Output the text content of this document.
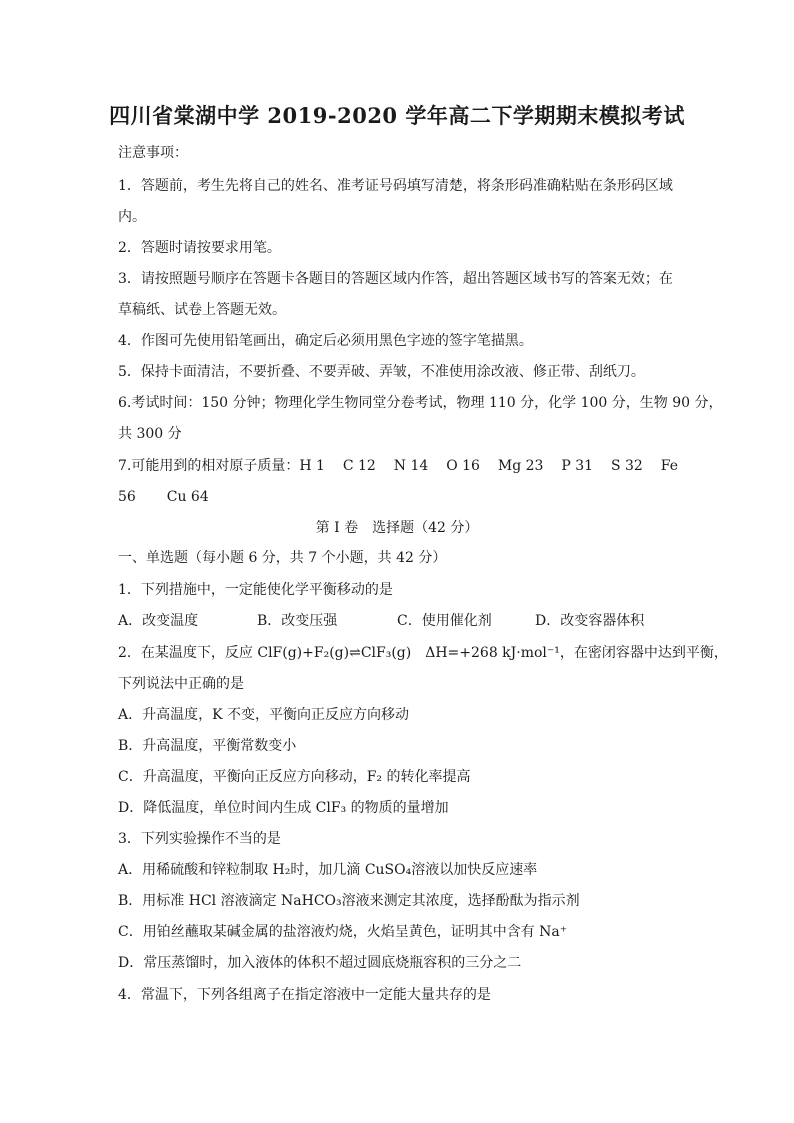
四川省棠湖中学 2019-2020 学年高二下学期期末模拟考试
注意事项：
1．答题前，考生先将自己的姓名、准考证号码填写清楚，将条形码准确粘贴在条形码区域
内。
2．答题时请按要求用笔。
3．请按照题号顺序在答题卡各题目的答题区域内作答，超出答题区域书写的答案无效；在
草稿纸、试卷上答题无效。
4．作图可先使用铅笔画出，确定后必须用黑色字迹的签字笔描黑。
5．保持卡面清洁，不要折叠、不要弄破、弄皱，不准使用涂改液、修正带、刮纸刀。
6.考试时间：150 分钟；物理化学生物同堂分卷考试，物理 110 分，化学 100 分，生物 90 分，
共 300 分
7.可能用到的相对原子质量：H 1 C 12 N 14 O 16 Mg 23 P 31 S 32 Fe
56 Cu 64
第 I 卷　选择题（42 分）
一、单选题（每小题 6 分，共 7 个小题，共 42 分）
1．下列措施中，一定能使化学平衡移动的是
A．改变温度	B．改变压强	C．使用催化剂	D．改变容器体积
2．在某温度下，反应 ClF(g)+F₂(g)⇌ClF₃(g)　ΔH=+268 kJ·mol⁻¹，在密闭容器中达到平衡，
下列说法中正确的是
A．升高温度，K 不变，平衡向正反应方向移动
B．升高温度，平衡常数变小
C．升高温度，平衡向正反应方向移动，F₂ 的转化率提高
D．降低温度，单位时间内生成 ClF₃ 的物质的量增加
3．下列实验操作不当的是
A．用稀硫酸和锌粒制取 H₂时，加几滴 CuSO₄溶液以加快反应速率
B．用标准 HCl 溶液滴定 NaHCO₃溶液来测定其浓度，选择酚酞为指示剂
C．用铂丝蘸取某碱金属的盐溶液灼烧，火焰呈黄色，证明其中含有 Na⁺
D．常压蒸馏时，加入液体的体积不超过圆底烧瓶容积的三分之二
4．常温下，下列各组离子在指定溶液中一定能大量共存的是
